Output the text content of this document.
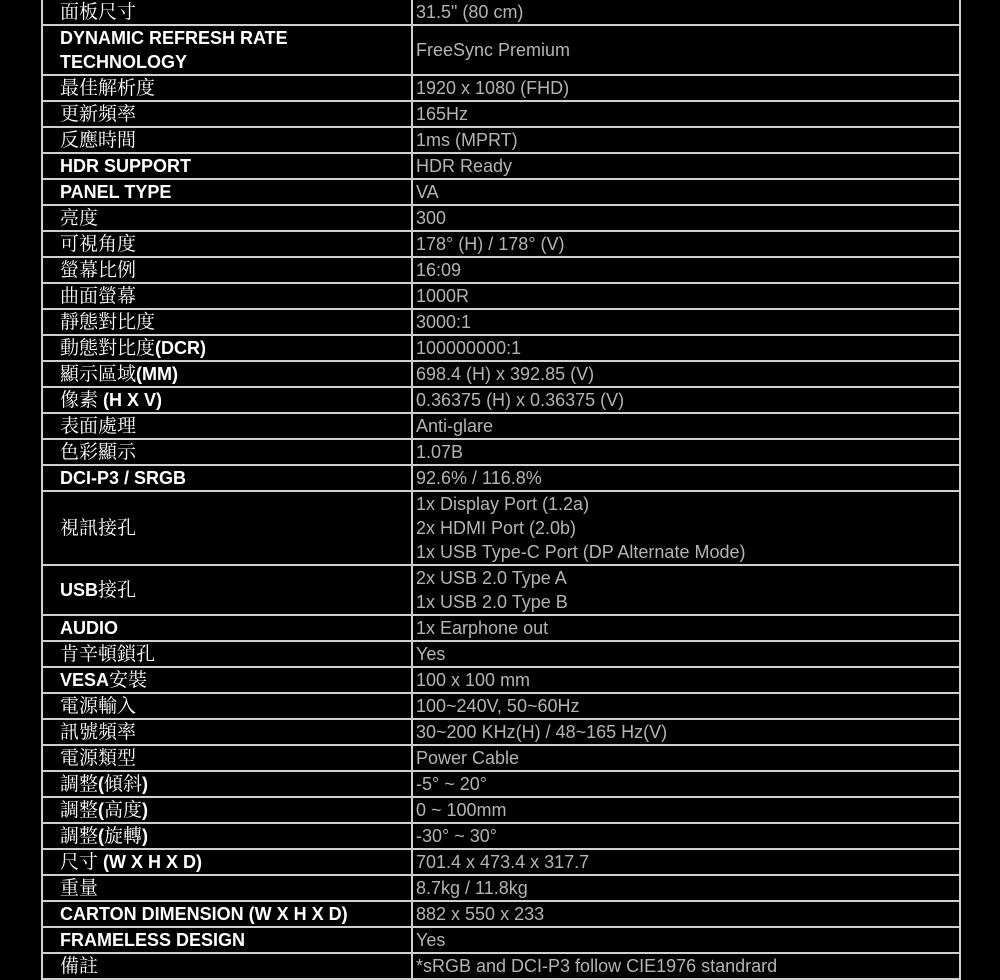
面板尺寸	31.5" (80 cm)

DYNAMIC REFRESH RATE TECHNOLOGY	FreeSync Premium

最佳解析度	1920 x 1080 (FHD)

更新頻率	165Hz

反應時間	1ms (MPRT)

HDR SUPPORT	HDR Ready

PANEL TYPE	VA

亮度	300

可視角度	178° (H) / 178° (V)

螢幕比例	16:09

曲面螢幕	1000R

靜態對比度	3000:1

動態對比度(DCR)	100000000:1

顯示區域(MM)	698.4 (H) x 392.85 (V)

像素 (H X V)	0.36375 (H) x 0.36375 (V)

表面處理	Anti-glare

色彩顯示	1.07B

DCI-P3 / SRGB	92.6% / 116.8%

視訊接孔	1x Display Port (1.2a)
2x HDMI Port (2.0b)
1x USB Type-C Port (DP Alternate Mode)

USB接孔	2x USB 2.0 Type A
1x USB 2.0 Type B

AUDIO	1x Earphone out

肯辛頓鎖孔	Yes

VESA安裝	100 x 100 mm

電源輸入	100~240V, 50~60Hz

訊號頻率	30~200 KHz(H) / 48~165 Hz(V)

電源類型	Power Cable

調整(傾斜)	-5° ~ 20°

調整(高度)	0 ~ 100mm

調整(旋轉)	-30° ~ 30°

尺寸 (W X H X D)	701.4 x 473.4 x 317.7

重量	8.7kg / 11.8kg

CARTON DIMENSION (W X H X D)	882 x 550 x 233

FRAMELESS DESIGN	Yes

備註	*sRGB and DCI-P3 follow CIE1976 standrard
